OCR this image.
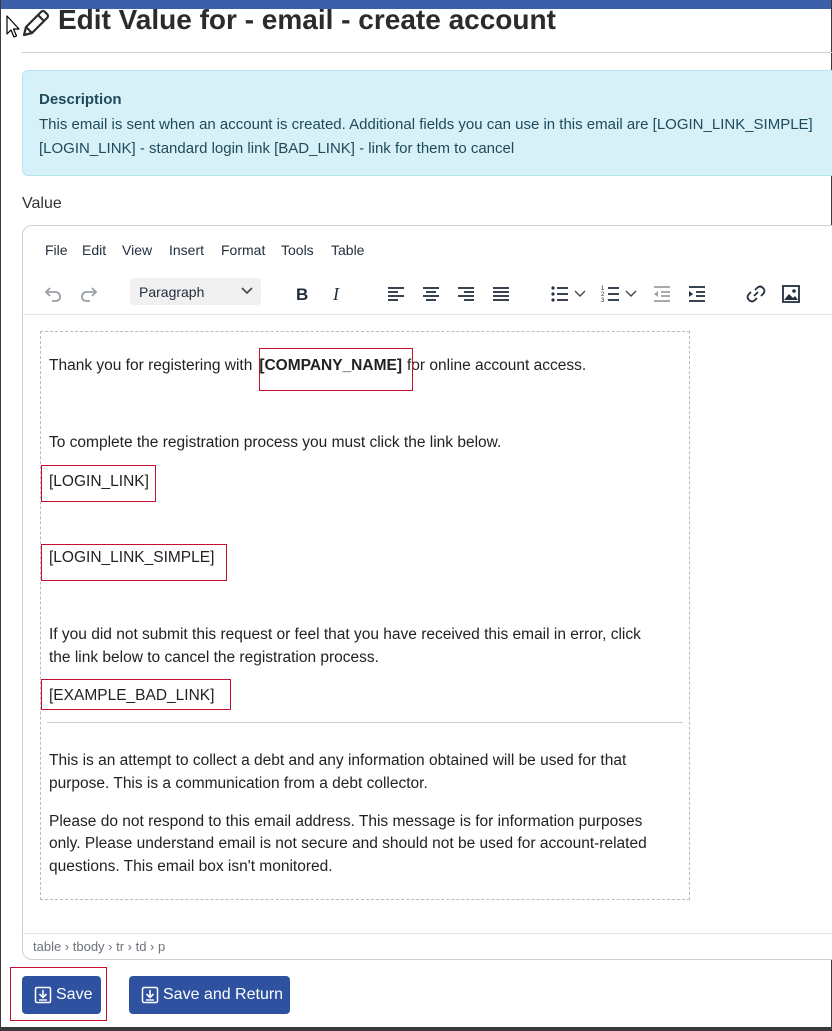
Edit Value for - email - create account
Description
This email is sent when an account is created. Additional fields you can use in this email are [LOGIN_LINK_SIMPLE]
[LOGIN_LINK] - standard login link [BAD_LINK] - link for them to cancel
Value
File Edit View Insert Format Tools Table
Paragraph	B I	1
2
3
Thank you for registering with [COMPANY_NAME] for online account access.
To complete the registration process you must click the link below.
[LOGIN_LINK]
[LOGIN_LINK_SIMPLE]
If you did not submit this request or feel that you have received this email in error, click
the link below to cancel the registration process.
[EXAMPLE_BAD_LINK]
This is an attempt to collect a debt and any information obtained will be used for that
purpose. This is a communication from a debt collector.
Please do not respond to this email address. This message is for information purposes
only. Please understand email is not secure and should not be used for account-related
questions. This email box isn't monitored.
table › tbody › tr › td › p
Save	Save and Return
